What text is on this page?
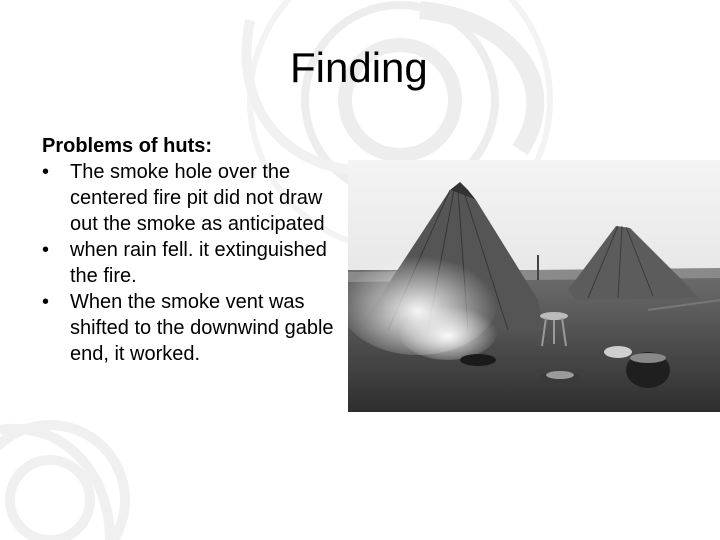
Finding
Problems of huts:
• The smoke hole over the centered fire pit did not draw out the smoke as anticipated
• when rain fell. it extinguished the fire.
• When the smoke vent was shifted to the downwind gable end, it worked.
